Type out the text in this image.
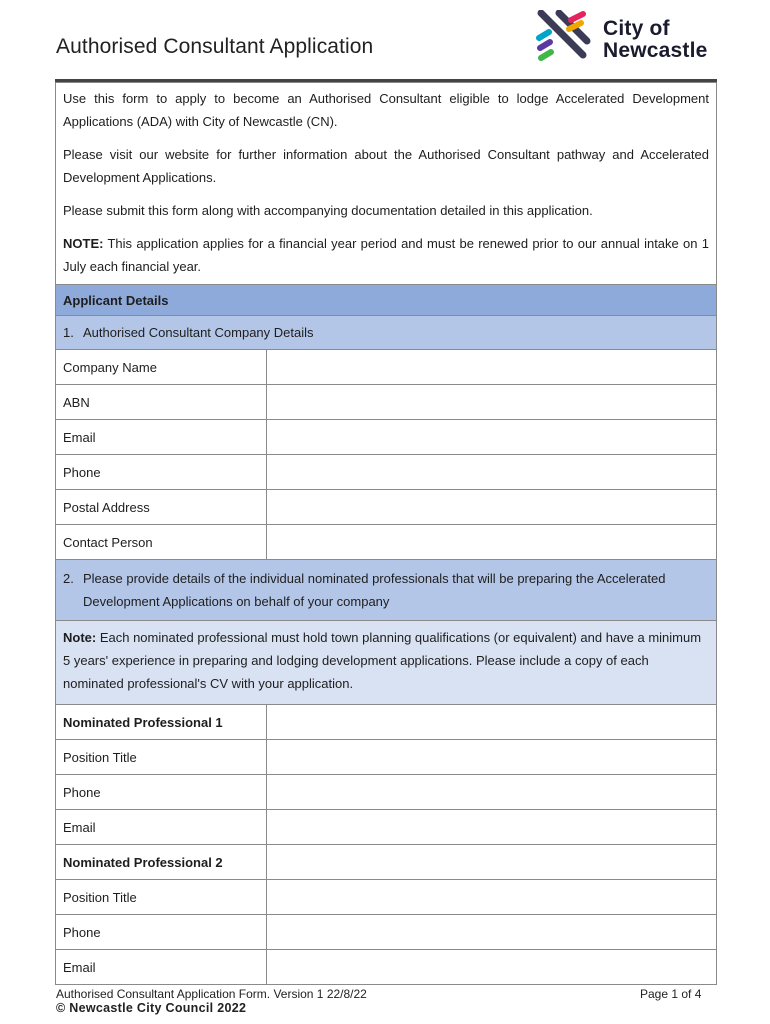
Authorised Consultant Application
City of
Newcastle

Use this form to apply to become an Authorised Consultant eligible to lodge Accelerated Development Applications (ADA) with City of Newcastle (CN).

Please visit our website for further information about the Authorised Consultant pathway and Accelerated Development Applications.

Please submit this form along with accompanying documentation detailed in this application.

NOTE: This application applies for a financial year period and must be renewed prior to our annual intake on 1 July each financial year.	

Applicant Details	

1. Authorised Consultant Company Details	

Company Name	
ABN	
Email	
Phone	
Postal Address	
Contact Person	

2. Please provide details of the individual nominated professionals that will be preparing the Accelerated Development Applications on behalf of your company	

Note: Each nominated professional must hold town planning qualifications (or equivalent) and have a minimum 5 years' experience in preparing and lodging development applications. Please include a copy of each nominated professional's CV with your application.	
Nominated Professional 1	
Position Title	
Phone	
Email	
Nominated Professional 2	
Position Title	
Phone	
Email	
Authorised Consultant Application Form. Version 1 22/8/22	Page 1 of 4
© Newcastle City Council 2022
